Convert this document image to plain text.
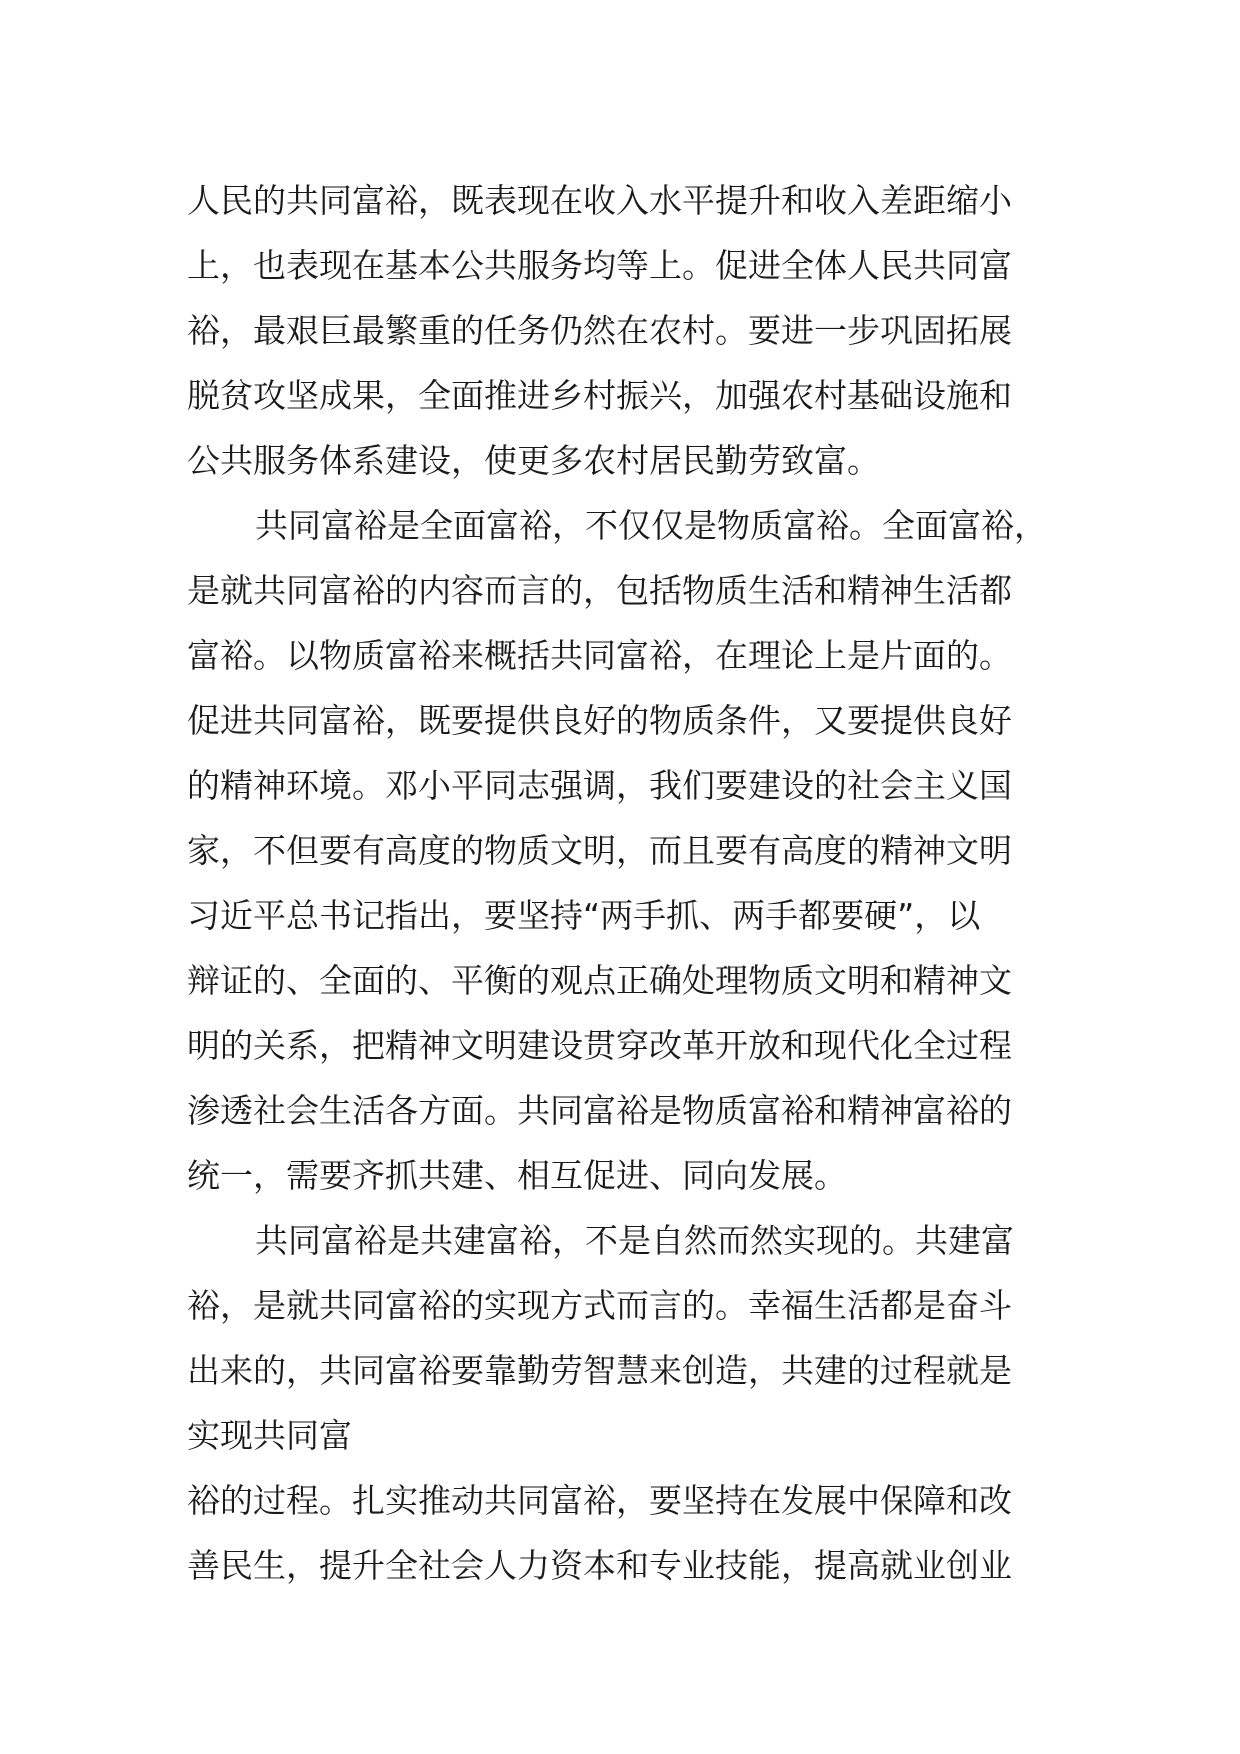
人民的共同富裕，既表现在收入水平提升和收入差距缩小
上，也表现在基本公共服务均等上。促进全体人民共同富
裕，最艰巨最繁重的任务仍然在农村。要进一步巩固拓展
脱贫攻坚成果，全面推进乡村振兴，加强农村基础设施和
公共服务体系建设，使更多农村居民勤劳致富。
共同富裕是全面富裕，不仅仅是物质富裕。全面富裕，
是就共同富裕的内容而言的，包括物质生活和精神生活都
富裕。以物质富裕来概括共同富裕，在理论上是片面的。
促进共同富裕，既要提供良好的物质条件，又要提供良好
的精神环境。邓小平同志强调，我们要建设的社会主义国
家，不但要有高度的物质文明，而且要有高度的精神文明
习近平总书记指出，要坚持“两手抓、两手都要硬”，以
辩证的、全面的、平衡的观点正确处理物质文明和精神文
明的关系，把精神文明建设贯穿改革开放和现代化全过程
渗透社会生活各方面。共同富裕是物质富裕和精神富裕的
统一，需要齐抓共建、相互促进、同向发展。
共同富裕是共建富裕，不是自然而然实现的。共建富
裕，是就共同富裕的实现方式而言的。幸福生活都是奋斗
出来的，共同富裕要靠勤劳智慧来创造，共建的过程就是
实现共同富
裕的过程。扎实推动共同富裕，要坚持在发展中保障和改
善民生，提升全社会人力资本和专业技能，提高就业创业
